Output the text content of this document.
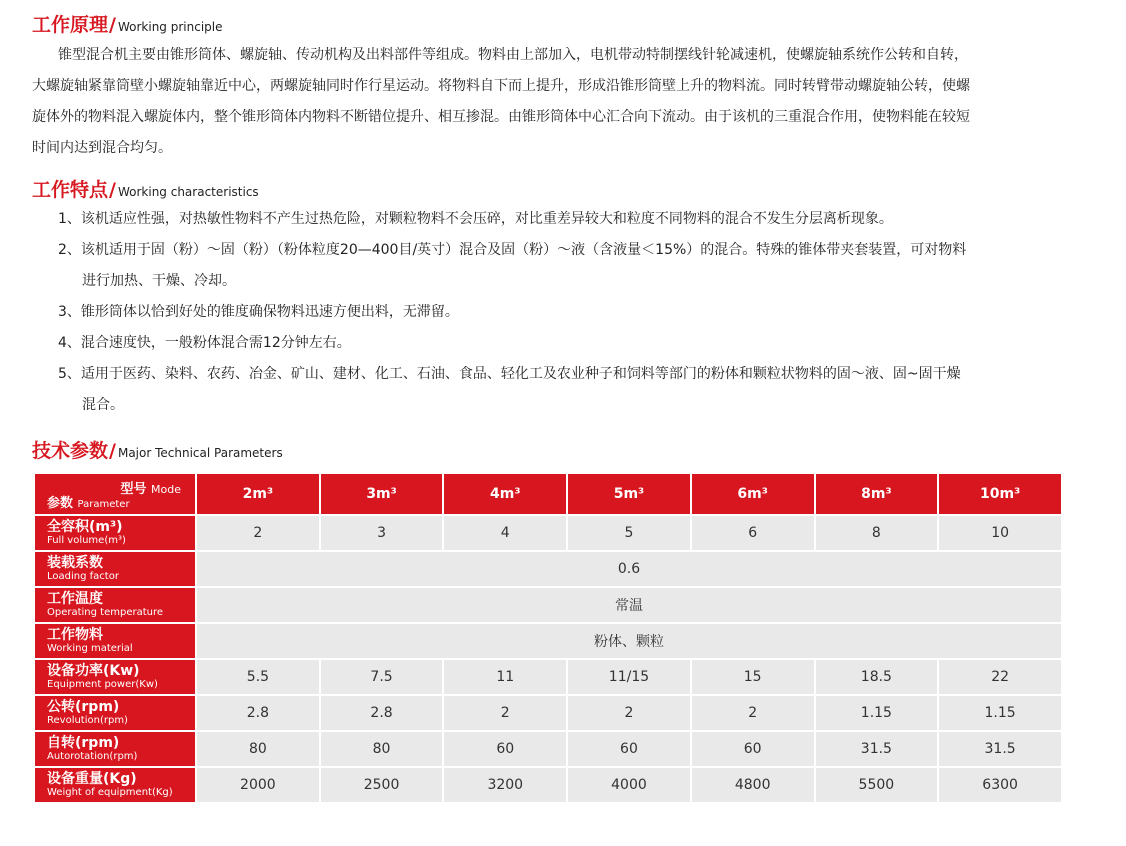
工作原理 / Working principle
锥型混合机主要由锥形筒体、螺旋轴、传动机构及出料部件等组成。物料由上部加入，电机带动特制摆线针轮减速机，使螺旋轴系统作公转和自转，
大螺旋轴紧靠筒壁小螺旋轴靠近中心，两螺旋轴同时作行星运动。将物料自下而上提升，形成沿锥形筒壁上升的物料流。同时转臂带动螺旋轴公转，使螺
旋体外的物料混入螺旋体内，整个锥形筒体内物料不断错位提升、相互掺混。由锥形筒体中心汇合向下流动。由于该机的三重混合作用，使物料能在较短
时间内达到混合均匀。
工作特点 / Working characteristics
1、该机适应性强，对热敏性物料不产生过热危险，对颗粒物料不会压碎，对比重差异较大和粒度不同物料的混合不发生分层离析现象。
2、该机适用于固（粉）～固（粉）（粉体粒度20—400目/英寸）混合及固（粉）～液（含液量＜15%）的混合。特殊的锥体带夹套装置，可对物料
进行加热、干燥、冷却。
3、锥形筒体以恰到好处的锥度确保物料迅速方便出料，无滞留。
4、混合速度快，一般粉体混合需12分钟左右。
5、适用于医药、染料、农药、冶金、矿山、建材、化工、石油、食品、轻化工及农业种子和饲料等部门的粉体和颗粒状物料的固～液、固~固干燥
混合。
技术参数 / Major Technical Parameters
型号 Mode
参数 Parameter	2m³	3m³	4m³	5m³	6m³	8m³	10m³

全容积(m³)
Full volume(m³)	2	3	4	5	6	8	10

装载系数
Loading factor	0.6						

工作温度
Operating temperature	常温						

工作物料
Working material	粉体、颗粒						

设备功率(Kw)
Equipment power(Kw)	5.5	7.5	11	11/15	15	18.5	22

公转(rpm)
Revolution(rpm)	2.8	2.8	2	2	2	1.15	1.15

自转(rpm)
Autorotation(rpm)	80	80	60	60	60	31.5	31.5

设备重量(Kg)
Weight of equipment(Kg)	2000	2500	3200	4000	4800	5500	6300
